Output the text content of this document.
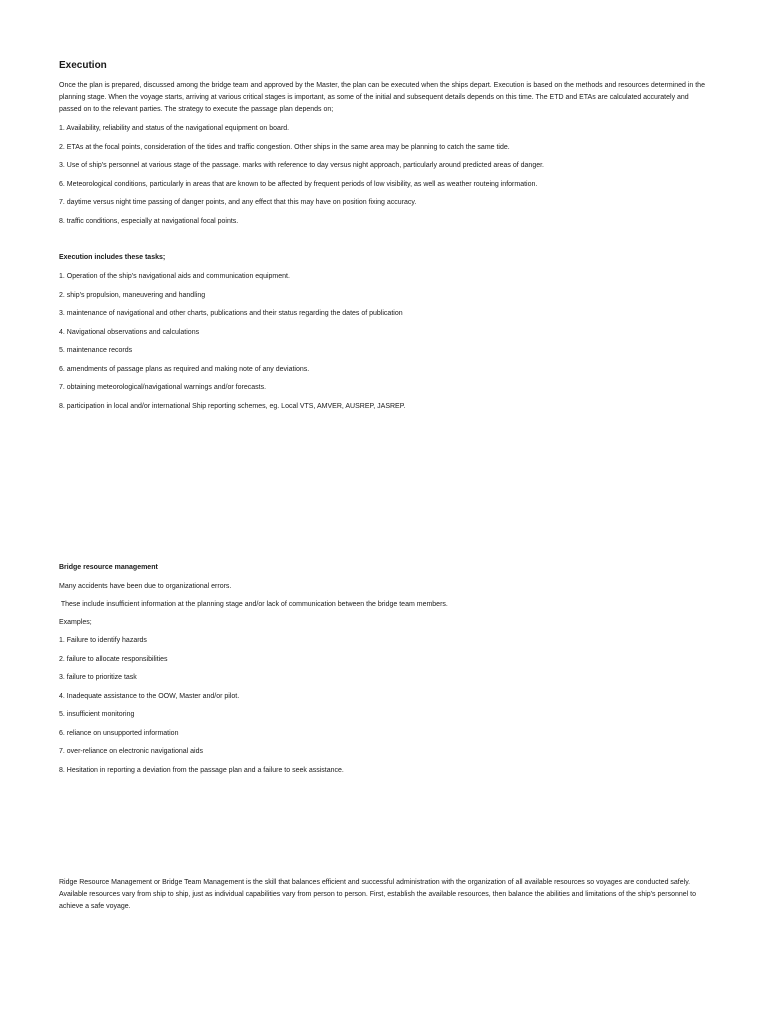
Execution

Once the plan is prepared, discussed among the bridge team and approved by the Master, the plan can be executed when the ships depart. Execution is based on the methods and resources determined in the planning stage. When the voyage starts, arriving at various critical stages is important, as some of the initial and subsequent details depends on this time. The ETD and ETAs are calculated accurately and passed on to the relevant parties. The strategy to execute the passage plan depends on;

1. Availability, reliability and status of the navigational equipment on board.
2. ETAs at the focal points, consideration of the tides and traffic congestion. Other ships in the same area may be planning to catch the same tide.
3. Use of ship's personnel at various stage of the passage. marks with reference to day versus night approach, particularly around predicted areas of danger.
6. Meteorological conditions, particularly in areas that are known to be affected by frequent periods of low visibility, as well as weather routeing information.
7. daytime versus night time passing of danger points, and any effect that this may have on position fixing accuracy.
8. traffic conditions, especially at navigational focal points.

Execution includes these tasks;

1. Operation of the ship's navigational aids and communication equipment.
2. ship's propulsion, maneuvering and handling
3. maintenance of navigational and other charts, publications and their status regarding the dates of publication
4. Navigational observations and calculations
5. maintenance records
6. amendments of passage plans as required and making note of any deviations.
7. obtaining meteorological/navigational warnings and/or forecasts.
8. participation in local and/or international Ship reporting schemes, eg. Local VTS, AMVER, AUSREP, JASREP.

Bridge resource management

Many accidents have been due to organizational errors.

These include insufficient information at the planning stage and/or lack of communication between the bridge team members.

Examples;

1. Failure to identify hazards
2. failure to allocate responsibilities
3. failure to prioritize task
4. Inadequate assistance to the OOW, Master and/or pilot.
5. insufficient monitoring
6. reliance on unsupported information
7. over-reliance on electronic navigational aids
8. Hesitation in reporting a deviation from the passage plan and a failure to seek assistance.

Ridge Resource Management or Bridge Team Management is the skill that balances efficient and successful administration with the organization of all available resources so voyages are conducted safely. Available resources vary from ship to ship, just as individual capabilities vary from person to person. First, establish the available resources, then balance the abilities and limitations of the ship's personnel to achieve a safe voyage.
